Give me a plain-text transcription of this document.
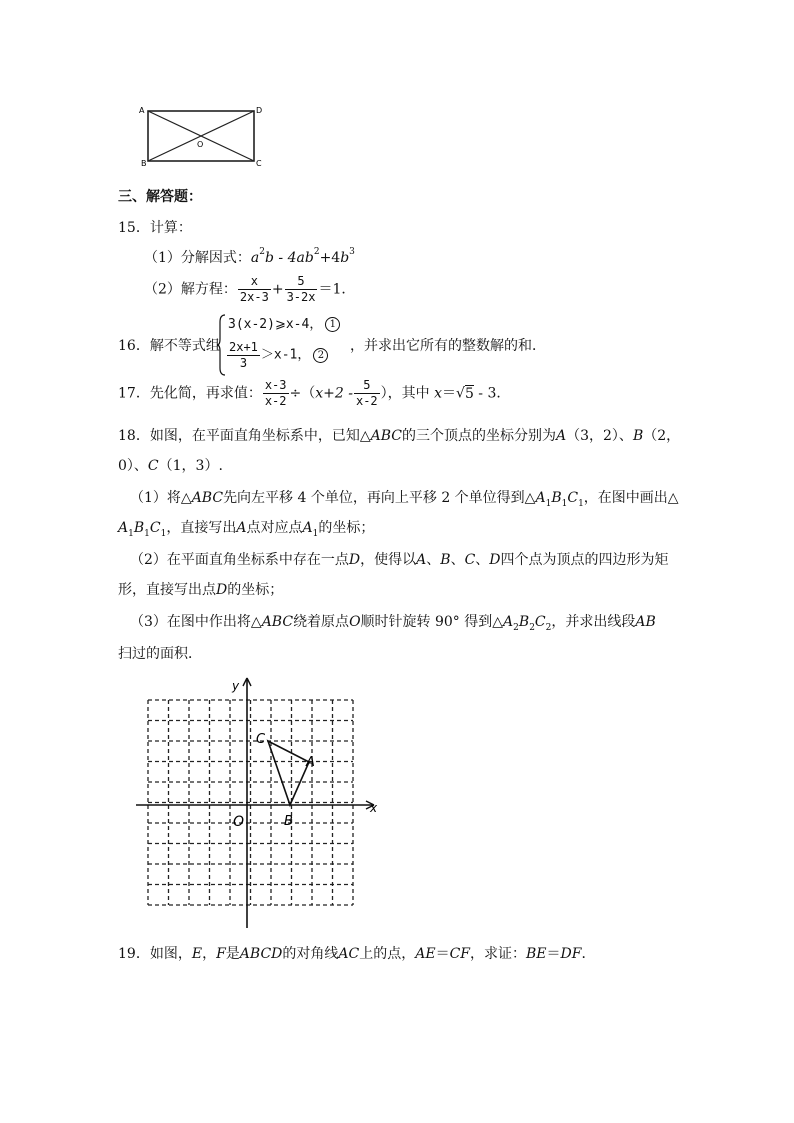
A	D
B	C
O
三、解答题：
15．计算：
（1）分解因式：$a^2b - 4ab^2+4b^3$
（2）解方程： $\frac{x}{2x-3} + \frac{5}{3-2x} =1$．
16．解不等式组
3(x-2)⩾x-4， 1
$\frac{2x+1}{3} >x-1$， 2
，并求出它所有的整数解的和．
17．先化简，再求值： $\frac{x-3}{x-2} \div(x+2 - \frac{5}{x-2}$ ），其中 x＝√5 - 3．
18．如图，在平面直角坐标系中，已知△ABC的三个顶点的坐标分别为A（3，2）、B（2，
0）、C（1，3）.
（1）将△ABC先向左平移 4 个单位，再向上平移 2 个单位得到△A1B1C1，在图中画出△
A1B1C1，直接写出A点对应点A1的坐标；
（2）在平面直角坐标系中存在一点D，使得以A、B、C、D四个点为顶点的四边形为矩
形，直接写出点D的坐标；
（3）在图中作出将△ABC绕着原点O顺时针旋转 90° 得到△A2B2C2，并求出线段AB
扫过的面积．
y
x
O
A
B
C
19．如图，E，F是ABCD的对角线AC上的点，AE＝CF，求证：BE＝DF．
